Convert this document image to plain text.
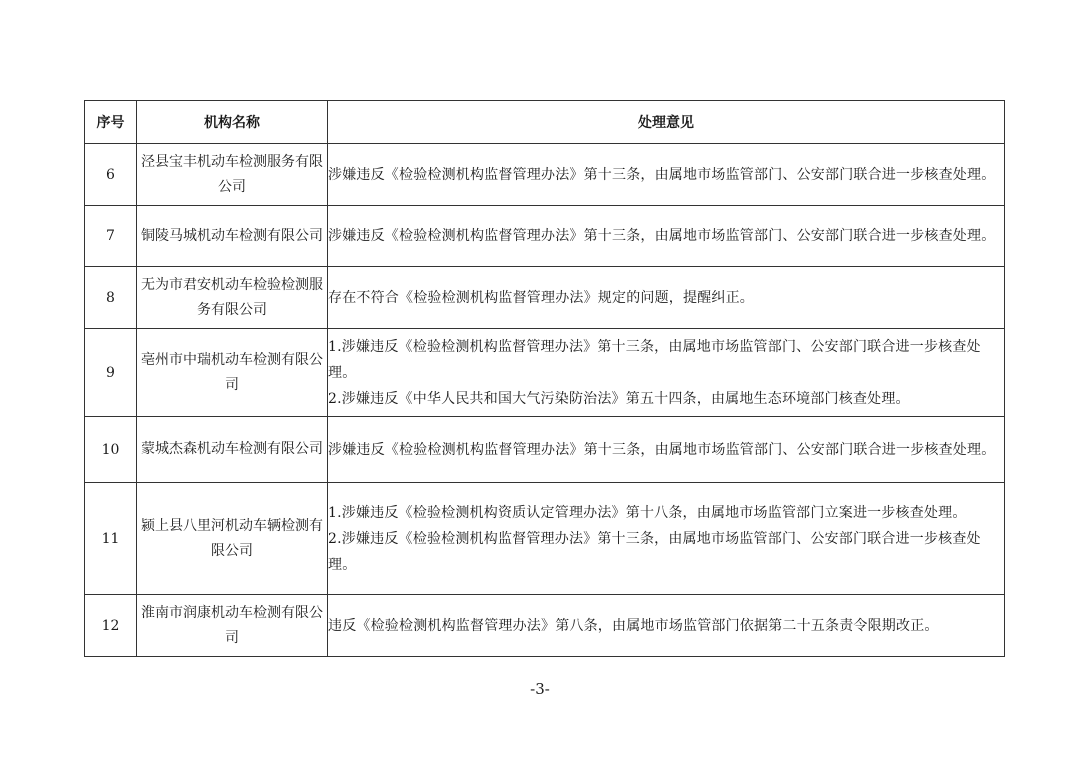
序号	机构名称	处理意见
6	泾县宝丰机动车检测服务有限公司	涉嫌违反《检验检测机构监督管理办法》第十三条，由属地市场监管部门、公安部门联合进一步核查处理。

7	铜陵马城机动车检测有限公司	涉嫌违反《检验检测机构监督管理办法》第十三条，由属地市场监管部门、公安部门联合进一步核查处理。

8	无为市君安机动车检验检测服务有限公司	存在不符合《检验检测机构监督管理办法》规定的问题，提醒纠正。

9	亳州市中瑞机动车检测有限公司	1.涉嫌违反《检验检测机构监督管理办法》第十三条，由属地市场监管部门、公安部门联合进一步核查处理。
2.涉嫌违反《中华人民共和国大气污染防治法》第五十四条，由属地生态环境部门核查处理。

10	蒙城杰森机动车检测有限公司	涉嫌违反《检验检测机构监督管理办法》第十三条，由属地市场监管部门、公安部门联合进一步核查处理。

11	颍上县八里河机动车辆检测有限公司	1.涉嫌违反《检验检测机构资质认定管理办法》第十八条，由属地市场监管部门立案进一步核查处理。
2.涉嫌违反《检验检测机构监督管理办法》第十三条，由属地市场监管部门、公安部门联合进一步核查处理。

12	淮南市润康机动车检测有限公司	违反《检验检测机构监督管理办法》第八条，由属地市场监管部门依据第二十五条责令限期改正。
-3-
